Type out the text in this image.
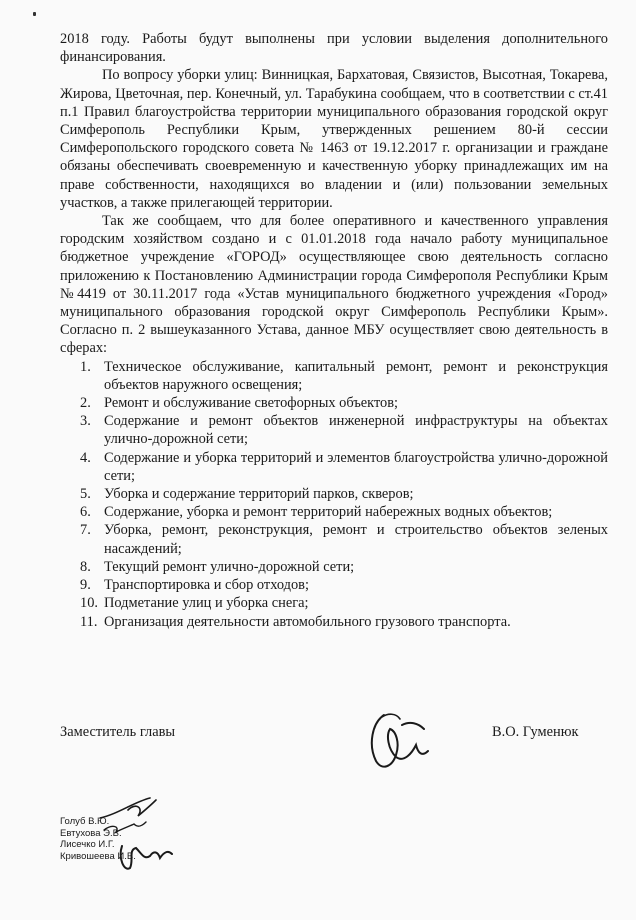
2018 году. Работы будут выполнены при условии выделения дополнительного финансирования.

По вопросу уборки улиц: Винницкая, Бархатовая, Связистов, Высотная, Токарева, Жирова, Цветочная, пер. Конечный, ул. Тарабукина сообщаем, что в соответствии с ст.41 п.1 Правил благоустройства территории муниципального образования городской округ Симферополь Республики Крым, утвержденных решением 80-й сессии Симферопольского городского совета № 1463 от 19.12.2017 г. организации и граждане обязаны обеспечивать своевременную и качественную уборку принадлежащих им на праве собственности, находящихся во владении и (или) пользовании земельных участков, а также прилегающей территории.

Так же сообщаем, что для более оперативного и качественного управления городским хозяйством создано и с 01.01.2018 года начало работу муниципальное бюджетное учреждение «ГОРОД» осуществляющее свою деятельность согласно приложению к Постановлению Администрации города Симферополя Республики Крым №4419 от 30.11.2017 года «Устав муниципального бюджетного учреждения «Город» муниципального образования городской округ Симферополь Республики Крым». Согласно п. 2 вышеуказанного Устава, данное МБУ осуществляет свою деятельность в сферах:

1. Техническое обслуживание, капитальный ремонт, ремонт и реконструкция объектов наружного освещения;
2. Ремонт и обслуживание светофорных объектов;
3. Содержание и ремонт объектов инженерной инфраструктуры на объектах улично-дорожной сети;
4. Содержание и уборка территорий и элементов благоустройства улично-дорожной сети;
5. Уборка и содержание территорий парков, скверов;
6. Содержание, уборка и ремонт территорий набережных водных объектов;
7. Уборка, ремонт, реконструкция, ремонт и строительство объектов зеленых насаждений;
8. Текущий ремонт улично-дорожной сети;
9. Транспортировка и сбор отходов;
10. Подметание улиц и уборка снега;
11. Организация деятельности автомобильного грузового транспорта.
Заместитель главы	В.О. Гуменюк
Голуб В.Ю.
Евтухова Э.В.
Лисечко И.Г.
Кривошеева И.В.
